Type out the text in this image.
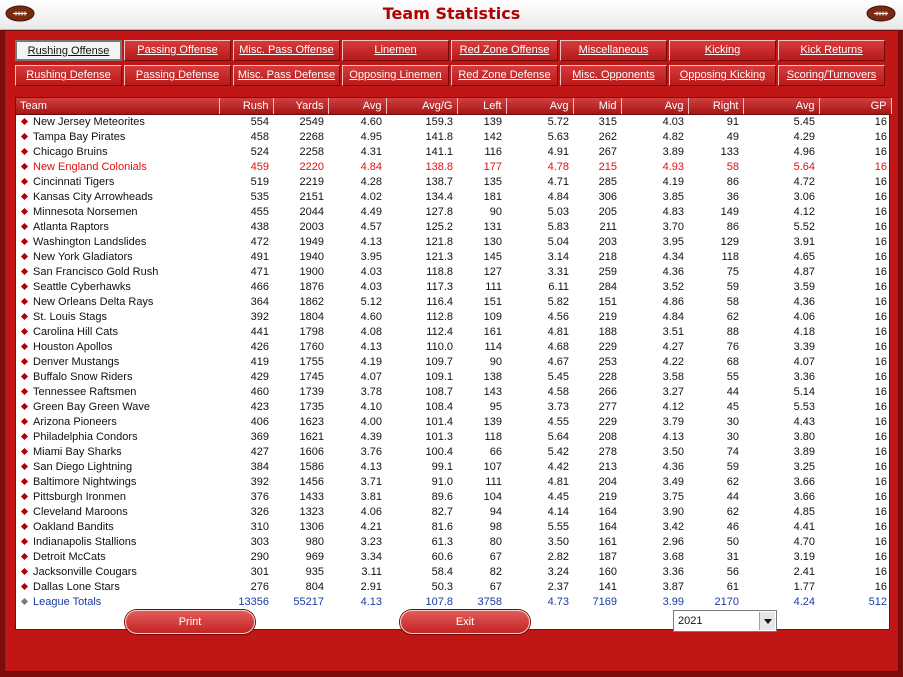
Team Statistics
Rushing Offense	Passing Offense	Misc. Pass Offense	Linemen	Red Zone Offense	Miscellaneous	Kicking	Kick Returns
Rushing Defense	Passing Defense	Misc. Pass Defense	Opposing Linemen	Red Zone Defense	Misc. Opponents	Opposing Kicking	Scoring/Turnovers
Team	Rush	Yards	Avg	Avg/G	Left	Avg	Mid	Avg	Right	Avg	GP
New Jersey Meteorites	554	2549	4.60	159.3	139	5.72	315	4.03	91	5.45	16
Tampa Bay Pirates	458	2268	4.95	141.8	142	5.63	262	4.82	49	4.29	16
Chicago Bruins	524	2258	4.31	141.1	116	4.91	267	3.89	133	4.96	16
New England Colonials	459	2220	4.84	138.8	177	4.78	215	4.93	58	5.64	16
Cincinnati Tigers	519	2219	4.28	138.7	135	4.71	285	4.19	86	4.72	16
Kansas City Arrowheads	535	2151	4.02	134.4	181	4.84	306	3.85	36	3.06	16
Minnesota Norsemen	455	2044	4.49	127.8	90	5.03	205	4.83	149	4.12	16
Atlanta Raptors	438	2003	4.57	125.2	131	5.83	211	3.70	86	5.52	16
Washington Landslides	472	1949	4.13	121.8	130	5.04	203	3.95	129	3.91	16
New York Gladiators	491	1940	3.95	121.3	145	3.14	218	4.34	118	4.65	16
San Francisco Gold Rush	471	1900	4.03	118.8	127	3.31	259	4.36	75	4.87	16
Seattle Cyberhawks	466	1876	4.03	117.3	111	6.11	284	3.52	59	3.59	16
New Orleans Delta Rays	364	1862	5.12	116.4	151	5.82	151	4.86	58	4.36	16
St. Louis Stags	392	1804	4.60	112.8	109	4.56	219	4.84	62	4.06	16
Carolina Hill Cats	441	1798	4.08	112.4	161	4.81	188	3.51	88	4.18	16
Houston Apollos	426	1760	4.13	110.0	114	4.68	229	4.27	76	3.39	16
Denver Mustangs	419	1755	4.19	109.7	90	4.67	253	4.22	68	4.07	16
Buffalo Snow Riders	429	1745	4.07	109.1	138	5.45	228	3.58	55	3.36	16
Tennessee Raftsmen	460	1739	3.78	108.7	143	4.58	266	3.27	44	5.14	16
Green Bay Green Wave	423	1735	4.10	108.4	95	3.73	277	4.12	45	5.53	16
Arizona Pioneers	406	1623	4.00	101.4	139	4.55	229	3.79	30	4.43	16
Philadelphia Condors	369	1621	4.39	101.3	118	5.64	208	4.13	30	3.80	16
Miami Bay Sharks	427	1606	3.76	100.4	66	5.42	278	3.50	74	3.89	16
San Diego Lightning	384	1586	4.13	99.1	107	4.42	213	4.36	59	3.25	16
Baltimore Nightwings	392	1456	3.71	91.0	111	4.81	204	3.49	62	3.66	16
Pittsburgh Ironmen	376	1433	3.81	89.6	104	4.45	219	3.75	44	3.66	16
Cleveland Maroons	326	1323	4.06	82.7	94	4.14	164	3.90	62	4.85	16
Oakland Bandits	310	1306	4.21	81.6	98	5.55	164	3.42	46	4.41	16
Indianapolis Stallions	303	980	3.23	61.3	80	3.50	161	2.96	50	4.70	16
Detroit McCats	290	969	3.34	60.6	67	2.82	187	3.68	31	3.19	16
Jacksonville Cougars	301	935	3.11	58.4	82	3.24	160	3.36	56	2.41	16
Dallas Lone Stars	276	804	2.91	50.3	67	2.37	141	3.87	61	1.77	16
League Totals	13356	55217	4.13	107.8	3758	4.73	7169	3.99	2170	4.24	512
Print	Exit	2021
